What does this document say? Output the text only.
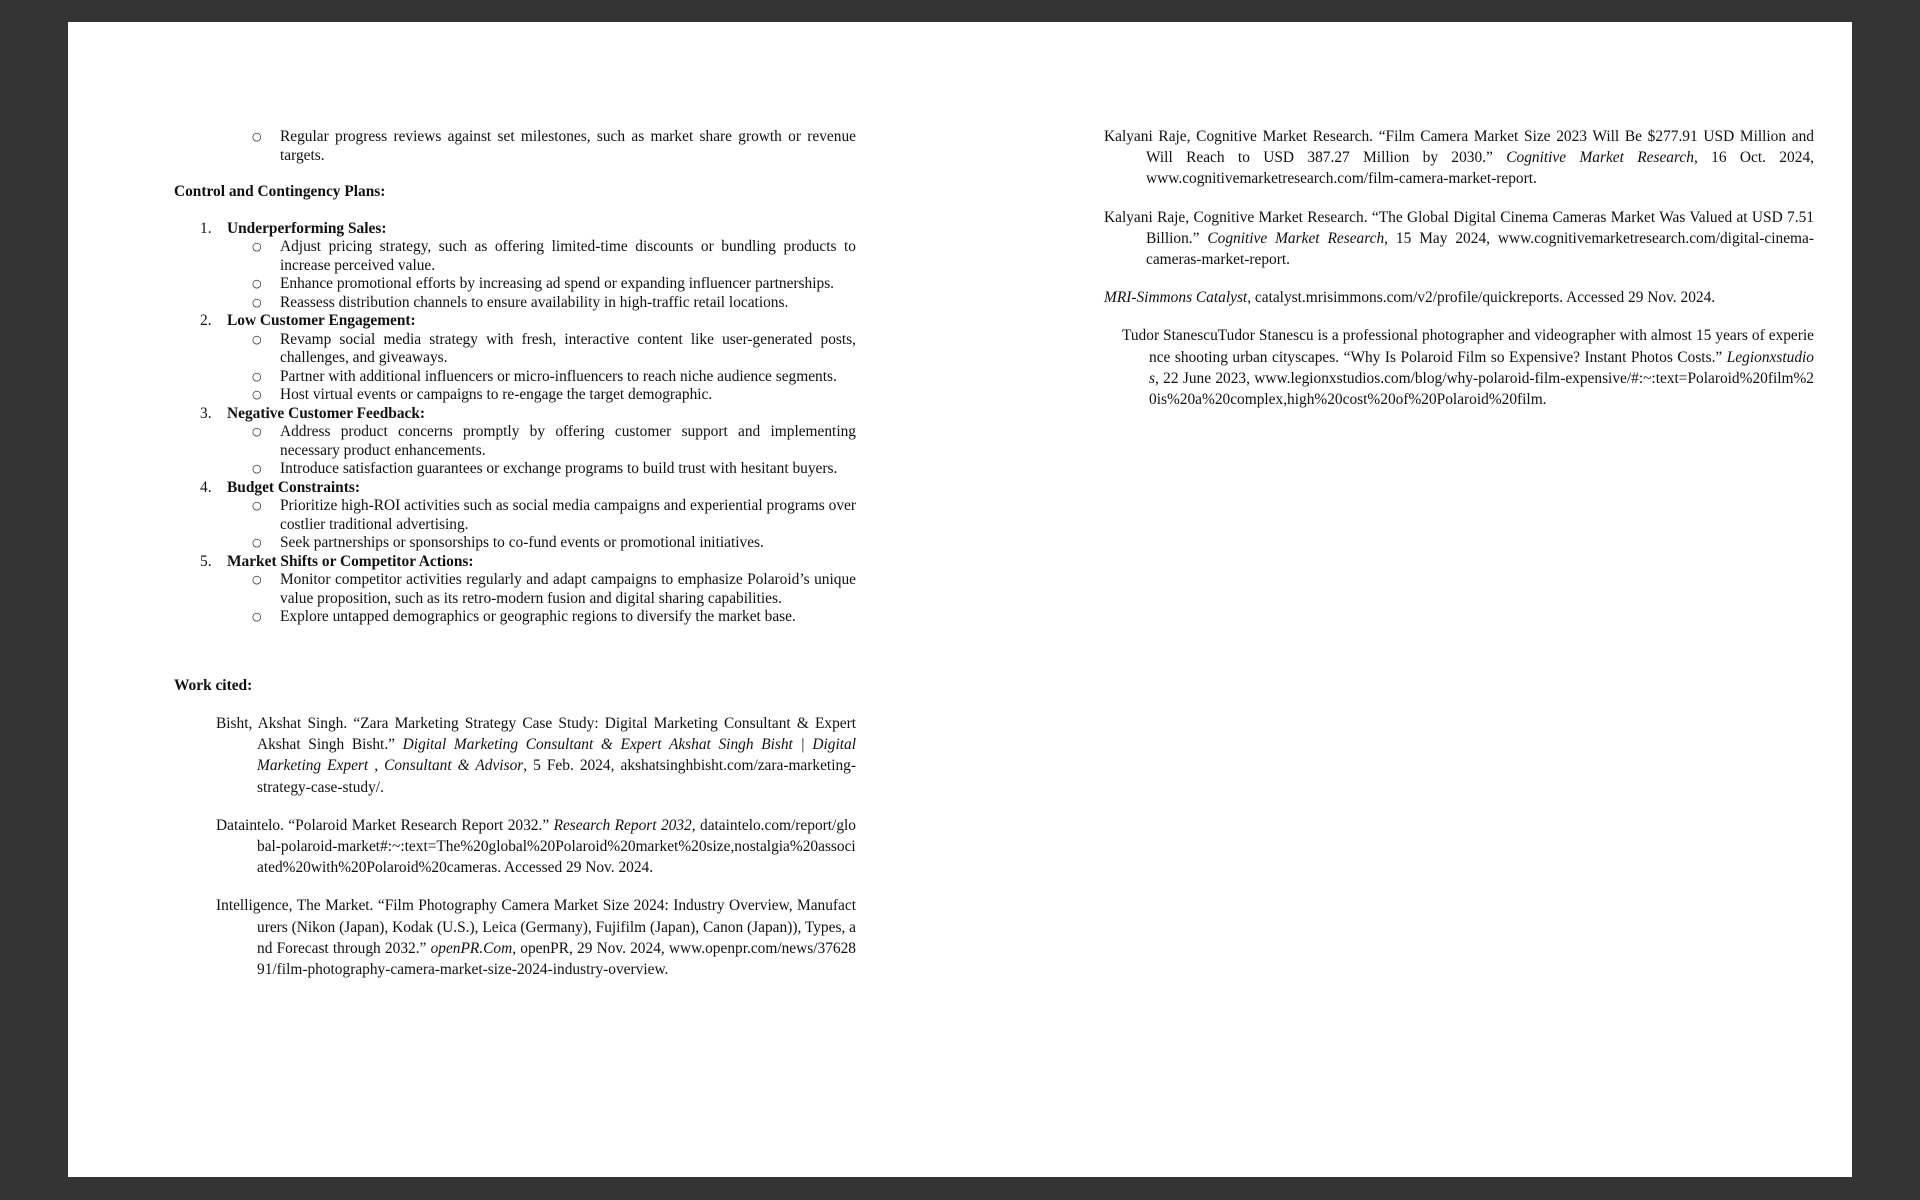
○ Regular progress reviews against set milestones, such as market share growth or revenue targets.
Control and Contingency Plans:
1. Underperforming Sales:
○ Adjust pricing strategy, such as offering limited-time discounts or bundling products to increase perceived value.
○ Enhance promotional efforts by increasing ad spend or expanding influencer partnerships.
○ Reassess distribution channels to ensure availability in high-traffic retail locations.
2. Low Customer Engagement:
○ Revamp social media strategy with fresh, interactive content like user-generated posts, challenges, and giveaways.
○ Partner with additional influencers or micro-influencers to reach niche audience segments.
○ Host virtual events or campaigns to re-engage the target demographic.
3. Negative Customer Feedback:
○ Address product concerns promptly by offering customer support and implementing necessary product enhancements.
○ Introduce satisfaction guarantees or exchange programs to build trust with hesitant buyers.
4. Budget Constraints:
○ Prioritize high-ROI activities such as social media campaigns and experiential programs over costlier traditional advertising.
○ Seek partnerships or sponsorships to co-fund events or promotional initiatives.
5. Market Shifts or Competitor Actions:
○ Monitor competitor activities regularly and adapt campaigns to emphasize Polaroid’s unique value proposition, such as its retro-modern fusion and digital sharing capabilities.
○ Explore untapped demographics or geographic regions to diversify the market base.
Work cited:

Bisht, Akshat Singh. “Zara Marketing Strategy Case Study: Digital Marketing Consultant & Expert Akshat Singh Bisht.” Digital Marketing Consultant & Expert Akshat Singh Bisht | Digital Marketing Expert , Consultant & Advisor, 5 Feb. 2024, akshatsinghbisht.com/zara-marketing-strategy-case-study/.

Dataintelo. “Polaroid Market Research Report 2032.” Research Report 2032, dataintelo.com/report/global-polaroid-market#:~:text=The%20global%20Polaroid%20market%20size,nostalgia%20associated%20with%20Polaroid%20cameras. Accessed 29 Nov. 2024.

Intelligence, The Market. “Film Photography Camera Market Size 2024: Industry Overview, Manufacturers (Nikon (Japan), Kodak (U.S.), Leica (Germany), Fujifilm (Japan), Canon (Japan)), Types, and Forecast through 2032.” openPR.Com, openPR, 29 Nov. 2024, www.openpr.com/news/3762891/film-photography-camera-market-size-2024-industry-overview.

Kalyani Raje, Cognitive Market Research. “Film Camera Market Size 2023 Will Be $277.91 USD Million and Will Reach to USD 387.27 Million by 2030.” Cognitive Market Research, 16 Oct. 2024, www.cognitivemarketresearch.com/film-camera-market-report.

Kalyani Raje, Cognitive Market Research. “The Global Digital Cinema Cameras Market Was Valued at USD 7.51 Billion.” Cognitive Market Research, 15 May 2024, www.cognitivemarketresearch.com/digital-cinema-cameras-market-report.

MRI-Simmons Catalyst, catalyst.mrisimmons.com/v2/profile/quickreports. Accessed 29 Nov. 2024.

Tudor StanescuTudor Stanescu is a professional photographer and videographer with almost 15 years of experience shooting urban cityscapes. “Why Is Polaroid Film so Expensive? Instant Photos Costs.” Legionxstudios, 22 June 2023, www.legionxstudios.com/blog/why-polaroid-film-expensive/#:~:text=Polaroid%20film%20is%20a%20complex,high%20cost%20of%20Polaroid%20film.
